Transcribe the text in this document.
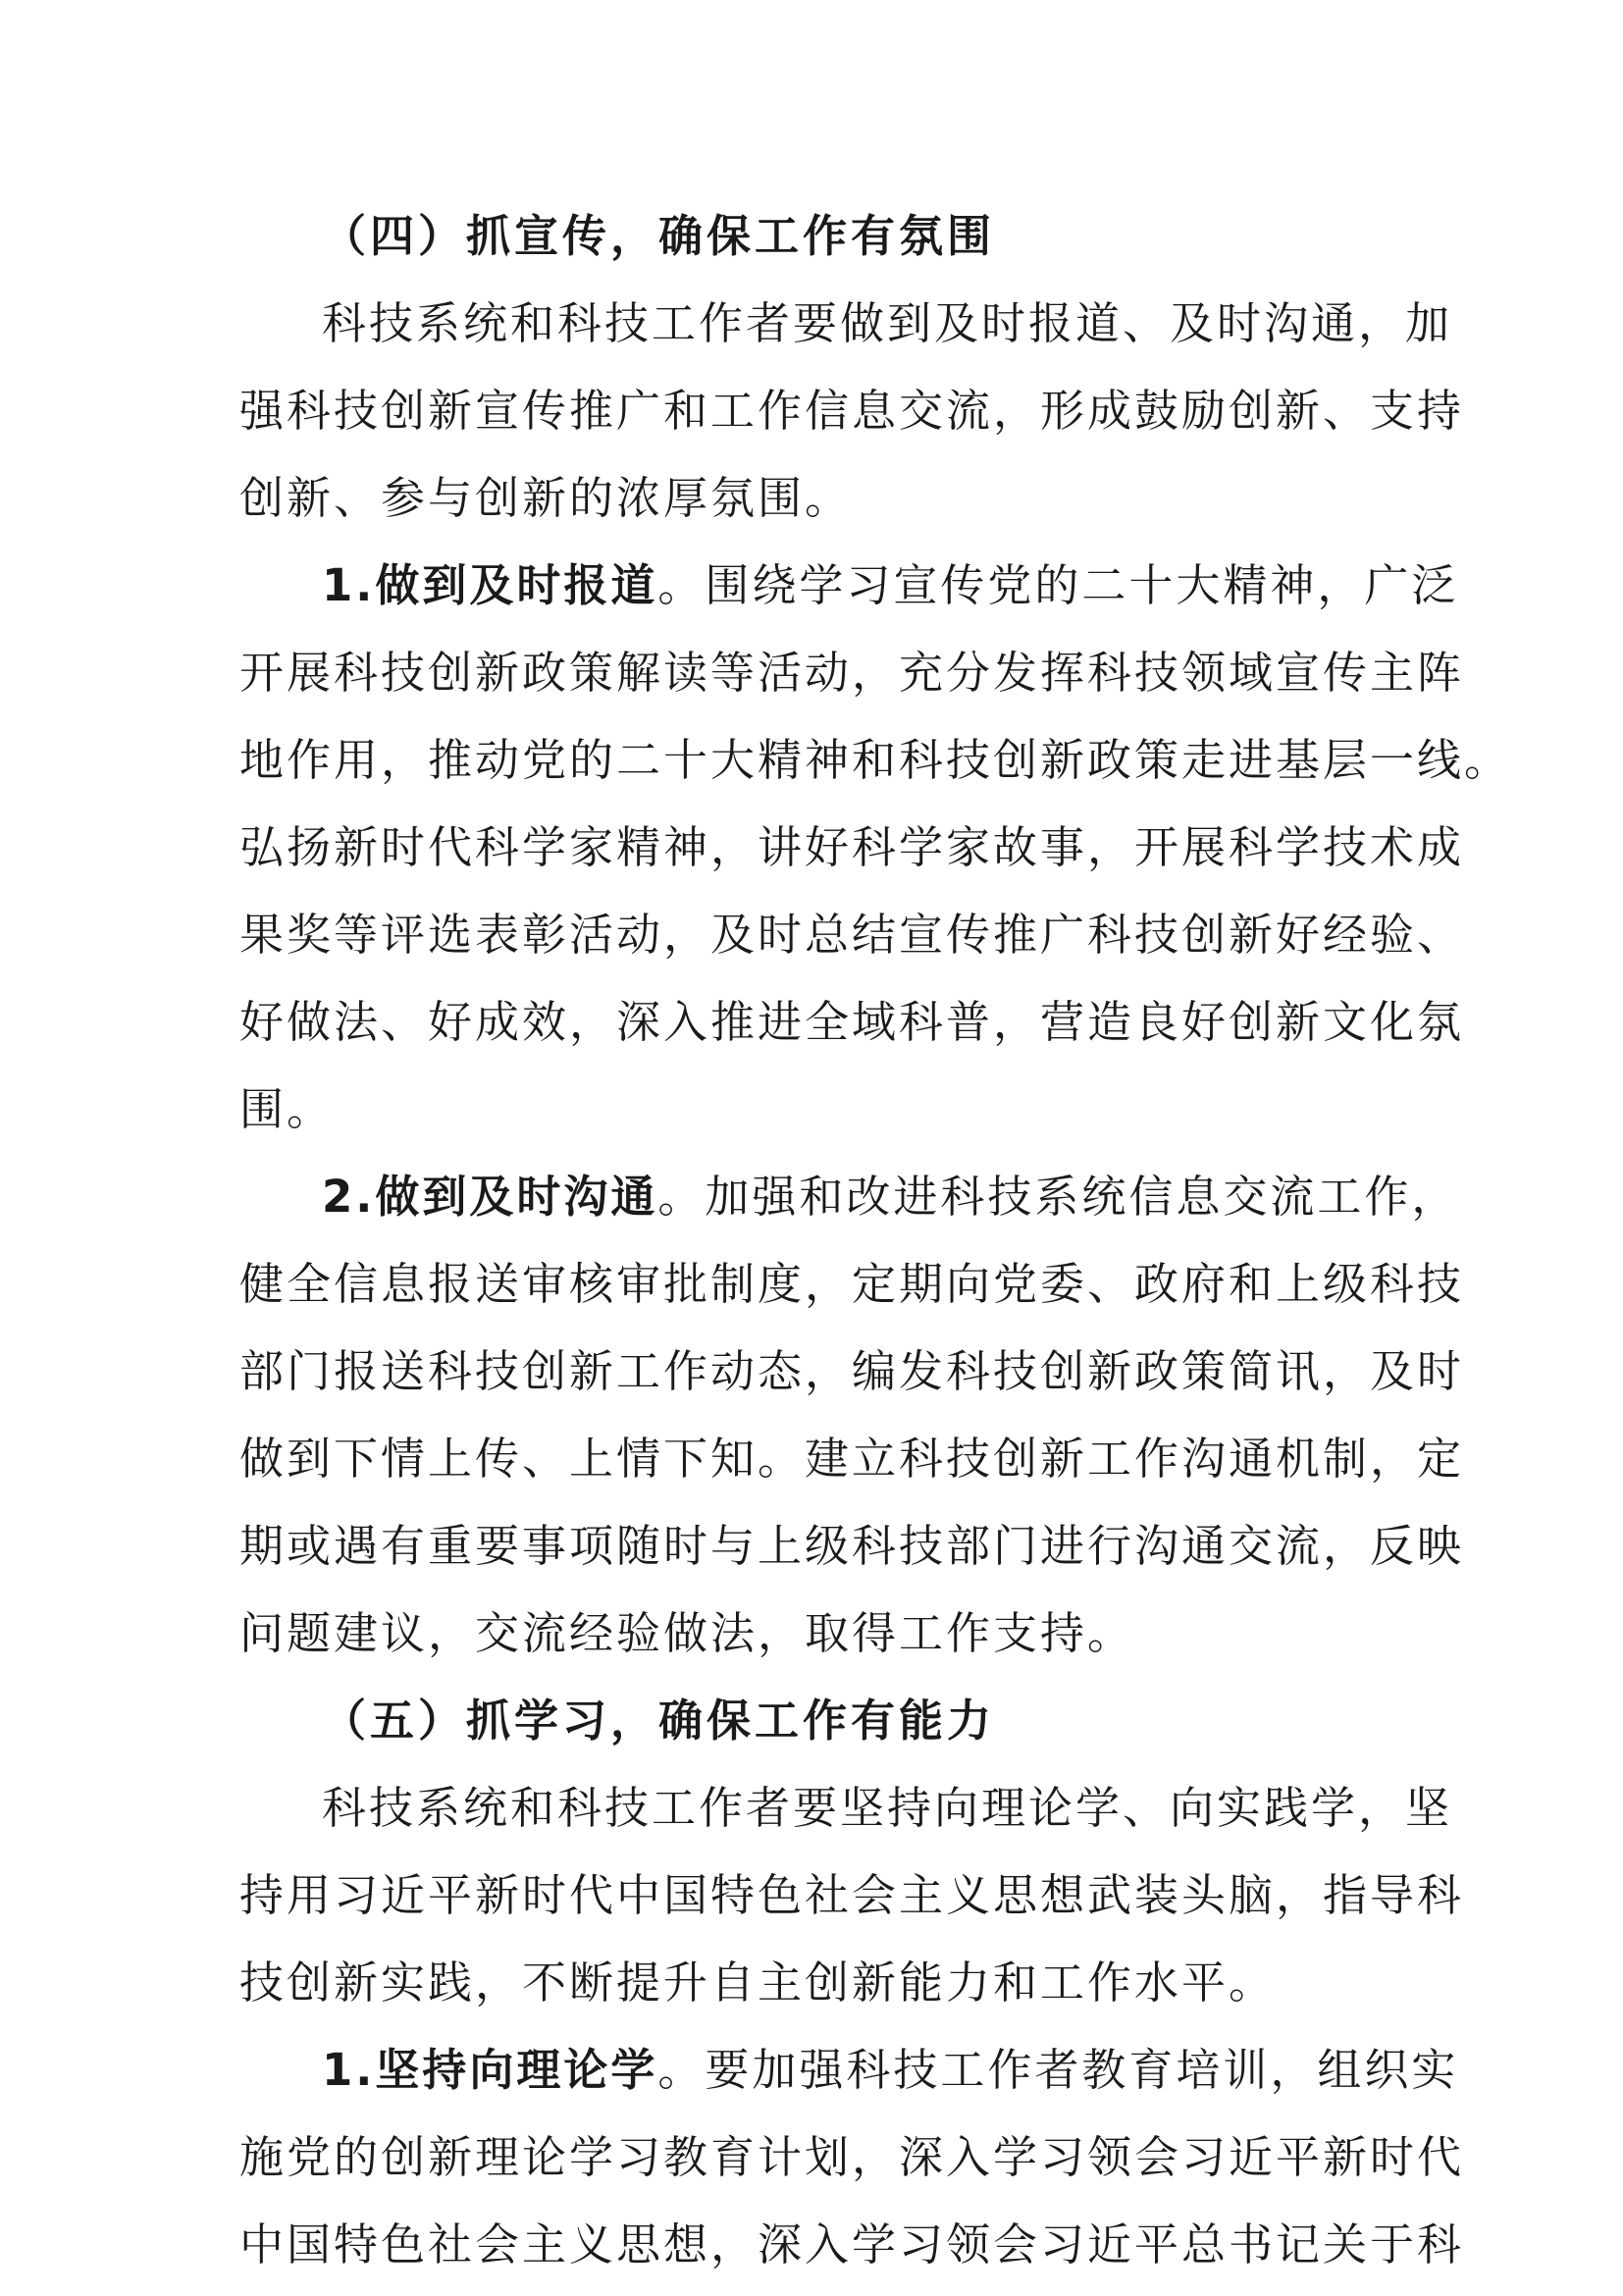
（四）抓宣传，确保工作有氛围
科技系统和科技工作者要做到及时报道、及时沟通，加
强科技创新宣传推广和工作信息交流，形成鼓励创新、支持
创新、参与创新的浓厚氛围。
1.做到及时报道。围绕学习宣传党的二十大精神，广泛
开展科技创新政策解读等活动，充分发挥科技领域宣传主阵
地作用，推动党的二十大精神和科技创新政策走进基层一线。
弘扬新时代科学家精神，讲好科学家故事，开展科学技术成
果奖等评选表彰活动，及时总结宣传推广科技创新好经验、
好做法、好成效，深入推进全域科普，营造良好创新文化氛
围。
2.做到及时沟通。加强和改进科技系统信息交流工作，
健全信息报送审核审批制度，定期向党委、政府和上级科技
部门报送科技创新工作动态，编发科技创新政策简讯，及时
做到下情上传、上情下知。建立科技创新工作沟通机制，定
期或遇有重要事项随时与上级科技部门进行沟通交流，反映
问题建议，交流经验做法，取得工作支持。
（五）抓学习，确保工作有能力
科技系统和科技工作者要坚持向理论学、向实践学，坚
持用习近平新时代中国特色社会主义思想武装头脑，指导科
技创新实践，不断提升自主创新能力和工作水平。
1.坚持向理论学。要加强科技工作者教育培训，组织实
施党的创新理论学习教育计划，深入学习领会习近平新时代
中国特色社会主义思想，深入学习领会习近平总书记关于科
